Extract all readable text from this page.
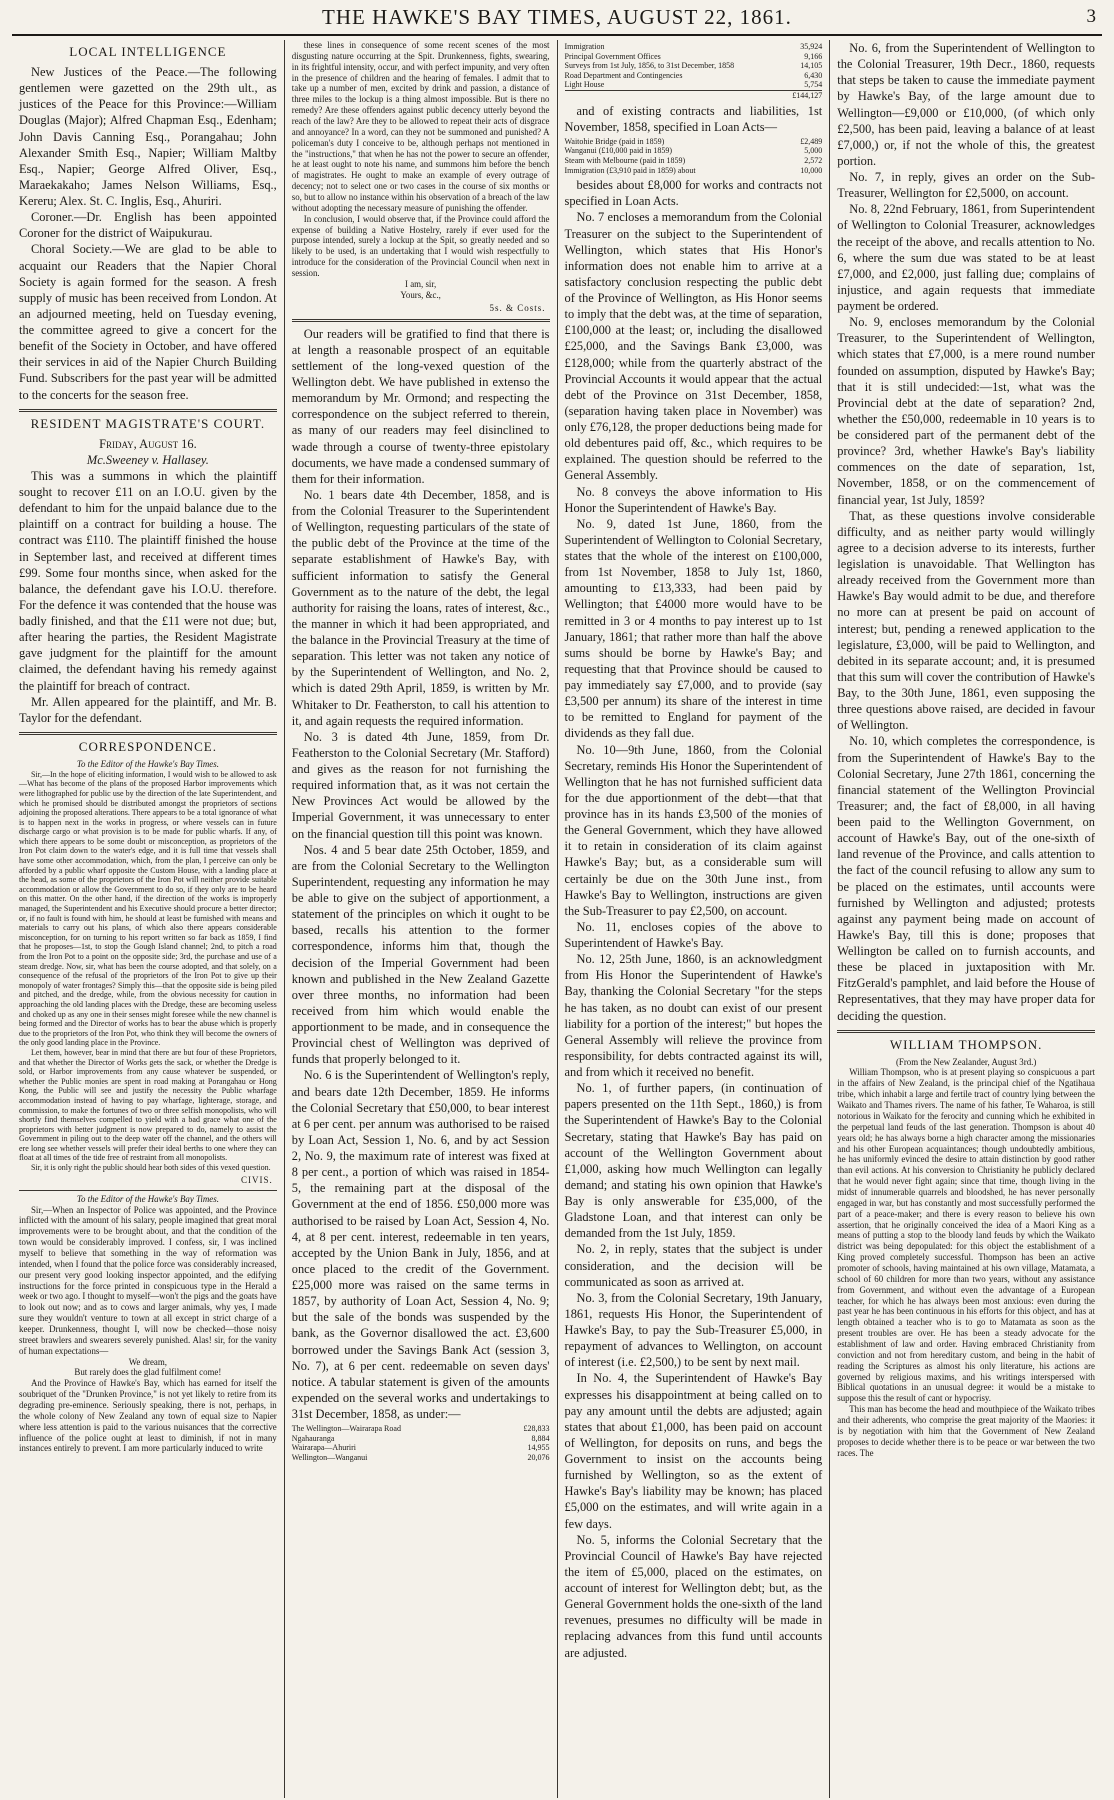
THE HAWKE'S BAY TIMES, AUGUST 22, 1861.	3
LOCAL INTELLIGENCE

New Justices of the Peace.—The following gentlemen were gazetted on the 29th ult., as justices of the Peace for this Province:—William Douglas (Major); Alfred Chapman Esq., Edenham; John Davis Canning Esq., Porangahau; John Alexander Smith Esq., Napier; William Maltby Esq., Napier; George Alfred Oliver, Esq., Maraekakaho; James Nelson Williams, Esq., Kereru; Alex. St. C. Inglis, Esq., Ahuriri.

Coroner.—Dr. English has been appointed Coroner for the district of Waipukurau.

Choral Society.—We are glad to be able to acquaint our Readers that the Napier Choral Society is again formed for the season. A fresh supply of music has been received from London. At an adjourned meeting, held on Tuesday evening, the committee agreed to give a concert for the benefit of the Society in October, and have offered their services in aid of the Napier Church Building Fund. Subscribers for the past year will be admitted to the concerts for the season free.

RESIDENT MAGISTRATE'S COURT.

Friday, August 16.

Mc.Sweeney v. Hallasey.

This was a summons in which the plaintiff sought to recover £11 on an I.O.U. given by the defendant to him for the unpaid balance due to the plaintiff on a contract for building a house. The contract was £110. The plaintiff finished the house in September last, and received at different times £99. Some four months since, when asked for the balance, the defendant gave his I.O.U. therefore. For the defence it was contended that the house was badly finished, and that the £11 were not due; but, after hearing the parties, the Resident Magistrate gave judgment for the plaintiff for the amount claimed, the defendant having his remedy against the plaintiff for breach of contract.

Mr. Allen appeared for the plaintiff, and Mr. B. Taylor for the defendant.

CORRESPONDENCE.

To the Editor of the Hawke's Bay Times.

Sir,—In the hope of eliciting information, I would wish to be allowed to ask—What has become of the plans of the proposed Harbor improvements which were lithographed for public use by the direction of the late Superintendent, and which he promised should be distributed amongst the proprietors of sections adjoining the proposed alterations. There appears to be a total ignorance of what is to happen next in the works in progress, or where vessels can in future discharge cargo or what provision is to be made for public wharfs. If any, of which there appears to be some doubt or misconception, as proprietors of the Iron Pot claim down to the water's edge, and it is full time that vessels shall have some other accommodation, which, from the plan, I perceive can only be afforded by a public wharf opposite the Custom House, with a landing place at the head, as some of the proprietors of the Iron Pot will neither provide suitable accommodation or allow the Government to do so, if they only are to be heard on this matter. On the other hand, if the direction of the works is improperly managed, the Superintendent and his Executive should procure a better director; or, if no fault is found with him, he should at least be furnished with means and materials to carry out his plans, of which also there appears considerable misconception, for on turning to his report written so far back as 1859, I find that he proposes—1st, to stop the Gough Island channel; 2nd, to pitch a road from the Iron Pot to a point on the opposite side; 3rd, the purchase and use of a steam dredge. Now, sir, what has been the course adopted, and that solely, on a consequence of the refusal of the proprietors of the Iron Pot to give up their monopoly of water frontages? Simply this—that the opposite side is being piled and pitched, and the dredge, while, from the obvious necessity for caution in approaching the old landing places with the Dredge, these are becoming useless and choked up as any one in their senses might foresee while the new channel is being formed and the Director of works has to bear the abuse which is properly due to the proprietors of the Iron Pot, who think they will become the owners of the only good landing place in the Province.

Let them, however, bear in mind that there are but four of these Proprietors, and that whether the Director of Works gets the sack, or whether the Dredge is sold, or Harbor improvements from any cause whatever be suspended, or whether the Public monies are spent in road making at Porangahau or Hong Kong, the Public will see and justify the necessity the Public wharfage accommodation instead of having to pay wharfage, lighterage, storage, and commission, to make the fortunes of two or three selfish monopolists, who will shortly find themselves compelled to yield with a bad grace what one of the proprietors with better judgment is now prepared to do, namely to assist the Government in piling out to the deep water off the channel, and the others will ere long see whether vessels will prefer their ideal berths to one where they can float at all times of the tide free of restraint from all monopolists.

Sir, it is only right the public should hear both sides of this vexed question.

CIVIS.

To the Editor of the Hawke's Bay Times.

Sir,—When an Inspector of Police was appointed, and the Province inflicted with the amount of his salary, people imagined that great moral improvements were to be brought about, and that the condition of the town would be considerably improved. I confess, sir, I was inclined myself to believe that something in the way of reformation was intended, when I found that the police force was considerably increased, our present very good looking inspector appointed, and the edifying instructions for the force printed in conspicuous type in the Herald a week or two ago. I thought to myself—won't the pigs and the goats have to look out now; and as to cows and larger animals, why yes, I made sure they wouldn't venture to town at all except in strict charge of a keeper. Drunkenness, thought I, will now be checked—those noisy street brawlers and swearers severely punished. Alas! sir, for the vanity of human expectations—

We dream,

But rarely does the glad fulfilment come!

And the Province of Hawke's Bay, which has earned for itself the soubriquet of the "Drunken Province," is not yet likely to retire from its degrading pre-eminence. Seriously speaking, there is not, perhaps, in the whole colony of New Zealand any town of equal size to Napier where less attention is paid to the various nuisances that the corrective influence of the police ought at least to diminish, if not in many instances entirely to prevent. I am more particularly induced to write

these lines in consequence of some recent scenes of the most disgusting nature occurring at the Spit. Drunkenness, fights, swearing, in its frightful intensity, occur, and with perfect impunity, and very often in the presence of children and the hearing of females. I admit that to take up a number of men, excited by drink and passion, a distance of three miles to the lockup is a thing almost impossible. But is there no remedy? Are these offenders against public decency utterly beyond the reach of the law? Are they to be allowed to repeat their acts of disgrace and annoyance? In a word, can they not be summoned and punished? A policeman's duty I conceive to be, although perhaps not mentioned in the "instructions," that when he has not the power to secure an offender, he at least ought to note his name, and summons him before the bench of magistrates. He ought to make an example of every outrage of decency; not to select one or two cases in the course of six months or so, but to allow no instance within his observation of a breach of the law without adopting the necessary measure of punishing the offender.

In conclusion, I would observe that, if the Province could afford the expense of building a Native Hostelry, rarely if ever used for the purpose intended, surely a lockup at the Spit, so greatly needed and so likely to be used, is an undertaking that I would wish respectfully to introduce for the consideration of the Provincial Council when next in session.

I am, sir,

Yours, &c.,

5s. & Costs.

Our readers will be gratified to find that there is at length a reasonable prospect of an equitable settlement of the long-vexed question of the Wellington debt. We have published in extenso the memorandum by Mr. Ormond; and respecting the correspondence on the subject referred to therein, as many of our readers may feel disinclined to wade through a course of twenty-three epistolary documents, we have made a condensed summary of them for their information.

No. 1 bears date 4th December, 1858, and is from the Colonial Treasurer to the Superintendent of Wellington, requesting particulars of the state of the public debt of the Province at the time of the separate establishment of Hawke's Bay, with sufficient information to satisfy the General Government as to the nature of the debt, the legal authority for raising the loans, rates of interest, &c., the manner in which it had been appropriated, and the balance in the Provincial Treasury at the time of separation. This letter was not taken any notice of by the Superintendent of Wellington, and No. 2, which is dated 29th April, 1859, is written by Mr. Whitaker to Dr. Featherston, to call his attention to it, and again requests the required information.

No. 3 is dated 4th June, 1859, from Dr. Featherston to the Colonial Secretary (Mr. Stafford) and gives as the reason for not furnishing the required information that, as it was not certain the New Provinces Act would be allowed by the Imperial Government, it was unnecessary to enter on the financial question till this point was known.

Nos. 4 and 5 bear date 25th October, 1859, and are from the Colonial Secretary to the Wellington Superintendent, requesting any information he may be able to give on the subject of apportionment, a statement of the principles on which it ought to be based, recalls his attention to the former correspondence, informs him that, though the decision of the Imperial Government had been known and published in the New Zealand Gazette over three months, no information had been received from him which would enable the apportionment to be made, and in consequence the Provincial chest of Wellington was deprived of funds that properly belonged to it.

No. 6 is the Superintendent of Wellington's reply, and bears date 12th December, 1859. He informs the Colonial Secretary that £50,000, to bear interest at 6 per cent. per annum was authorised to be raised by Loan Act, Session 1, No. 6, and by act Session 2, No. 9, the maximum rate of interest was fixed at 8 per cent., a portion of which was raised in 1854-5, the remaining part at the disposal of the Government at the end of 1856. £50,000 more was authorised to be raised by Loan Act, Session 4, No. 4, at 8 per cent. interest, redeemable in ten years, accepted by the Union Bank in July, 1856, and at once placed to the credit of the Government. £25,000 more was raised on the same terms in 1857, by authority of Loan Act, Session 4, No. 9; but the sale of the bonds was suspended by the bank, as the Governor disallowed the act. £3,600 borrowed under the Savings Bank Act (session 3, No. 7), at 6 per cent. redeemable on seven days' notice. A tabular statement is given of the amounts expended on the several works and undertakings to 31st December, 1858, as under:—

The Wellington—Wairarapa Road	£28,833
Ngahauranga	8,884
Wairarapa—Ahuriri	14,955
Wellington—Wanganui	20,076
Immigration	35,924
Principal Government Offices	9,166
Surveys from 1st July, 1856, to 31st December, 1858	14,105
Road Department and Contingencies	6,430
Light House	5,754
	£144,127

and of existing contracts and liabilities, 1st November, 1858, specified in Loan Acts—

Waitohie Bridge (paid in 1859)	£2,489
Wanganui (£10,000 paid in 1859)	5,000
Steam with Melbourne (paid in 1859)	2,572
Immigration (£3,910 paid in 1859) about	10,000

besides about £8,000 for works and contracts not specified in Loan Acts.

No. 7 encloses a memorandum from the Colonial Treasurer on the subject to the Superintendent of Wellington, which states that His Honor's information does not enable him to arrive at a satisfactory conclusion respecting the public debt of the Province of Wellington, as His Honor seems to imply that the debt was, at the time of separation, £100,000 at the least; or, including the disallowed £25,000, and the Savings Bank £3,000, was £128,000; while from the quarterly abstract of the Provincial Accounts it would appear that the actual debt of the Province on 31st December, 1858, (separation having taken place in November) was only £76,128, the proper deductions being made for old debentures paid off, &c., which requires to be explained. The question should be referred to the General Assembly.

No. 8 conveys the above information to His Honor the Superintendent of Hawke's Bay.

No. 9, dated 1st June, 1860, from the Superintendent of Wellington to Colonial Secretary, states that the whole of the interest on £100,000, from 1st November, 1858 to July 1st, 1860, amounting to £13,333, had been paid by Wellington; that £4000 more would have to be remitted in 3 or 4 months to pay interest up to 1st January, 1861; that rather more than half the above sums should be borne by Hawke's Bay; and requesting that that Province should be caused to pay immediately say £7,000, and to provide (say £3,500 per annum) its share of the interest in time to be remitted to England for payment of the dividends as they fall due.

No. 10—9th June, 1860, from the Colonial Secretary, reminds His Honor the Superintendent of Wellington that he has not furnished sufficient data for the due apportionment of the debt—that that province has in its hands £3,500 of the monies of the General Government, which they have allowed it to retain in consideration of its claim against Hawke's Bay; but, as a considerable sum will certainly be due on the 30th June inst., from Hawke's Bay to Wellington, instructions are given the Sub-Treasurer to pay £2,500, on account.

No. 11, encloses copies of the above to Superintendent of Hawke's Bay.

No. 12, 25th June, 1860, is an acknowledgment from His Honor the Superintendent of Hawke's Bay, thanking the Colonial Secretary "for the steps he has taken, as no doubt can exist of our present liability for a portion of the interest;" but hopes the General Assembly will relieve the province from responsibility, for debts contracted against its will, and from which it received no benefit.

No. 1, of further papers, (in continuation of papers presented on the 11th Sept., 1860,) is from the Superintendent of Hawke's Bay to the Colonial Secretary, stating that Hawke's Bay has paid on account of the Wellington Government about £1,000, asking how much Wellington can legally demand; and stating his own opinion that Hawke's Bay is only answerable for £35,000, of the Gladstone Loan, and that interest can only be demanded from the 1st July, 1859.

No. 2, in reply, states that the subject is under consideration, and the decision will be communicated as soon as arrived at.

No. 3, from the Colonial Secretary, 19th January, 1861, requests His Honor, the Superintendent of Hawke's Bay, to pay the Sub-Treasurer £5,000, in repayment of advances to Wellington, on account of interest (i.e. £2,500,) to be sent by next mail.

In No. 4, the Superintendent of Hawke's Bay expresses his disappointment at being called on to pay any amount until the debts are adjusted; again states that about £1,000, has been paid on account of Wellington, for deposits on runs, and begs the Government to insist on the accounts being furnished by Wellington, so as the extent of Hawke's Bay's liability may be known; has placed £5,000 on the estimates, and will write again in a few days.

No. 5, informs the Colonial Secretary that the Provincial Council of Hawke's Bay have rejected the item of £5,000, placed on the estimates, on account of interest for Wellington debt; but, as the General Government holds the one-sixth of the land revenues, presumes no difficulty will be made in replacing advances from this fund until accounts are adjusted.

No. 6, from the Superintendent of Wellington to the Colonial Treasurer, 19th Decr., 1860, requests that steps be taken to cause the immediate payment by Hawke's Bay, of the large amount due to Wellington—£9,000 or £10,000, (of which only £2,500, has been paid, leaving a balance of at least £7,000,) or, if not the whole of this, the greatest portion.

No. 7, in reply, gives an order on the Sub-Treasurer, Wellington for £2,5000, on account.

No. 8, 22nd February, 1861, from Superintendent of Wellington to Colonial Treasurer, acknowledges the receipt of the above, and recalls attention to No. 6, where the sum due was stated to be at least £7,000, and £2,000, just falling due; complains of injustice, and again requests that immediate payment be ordered.

No. 9, encloses memorandum by the Colonial Treasurer, to the Superintendent of Wellington, which states that £7,000, is a mere round number founded on assumption, disputed by Hawke's Bay; that it is still undecided:—1st, what was the Provincial debt at the date of separation? 2nd, whether the £50,000, redeemable in 10 years is to be considered part of the permanent debt of the province? 3rd, whether Hawke's Bay's liability commences on the date of separation, 1st, November, 1858, or on the commencement of financial year, 1st July, 1859?

That, as these questions involve considerable difficulty, and as neither party would willingly agree to a decision adverse to its interests, further legislation is unavoidable. That Wellington has already received from the Government more than Hawke's Bay would admit to be due, and therefore no more can at present be paid on account of interest; but, pending a renewed application to the legislature, £3,000, will be paid to Wellington, and debited in its separate account; and, it is presumed that this sum will cover the contribution of Hawke's Bay, to the 30th June, 1861, even supposing the three questions above raised, are decided in favour of Wellington.

No. 10, which completes the correspondence, is from the Superintendent of Hawke's Bay to the Colonial Secretary, June 27th 1861, concerning the financial statement of the Wellington Provincial Treasurer; and, the fact of £8,000, in all having been paid to the Wellington Government, on account of Hawke's Bay, out of the one-sixth of land revenue of the Province, and calls attention to the fact of the council refusing to allow any sum to be placed on the estimates, until accounts were furnished by Wellington and adjusted; protests against any payment being made on account of Hawke's Bay, till this is done; proposes that Wellington be called on to furnish accounts, and these be placed in juxtaposition with Mr. FitzGerald's pamphlet, and laid before the House of Representatives, that they may have proper data for deciding the question.

WILLIAM THOMPSON.

(From the New Zealander, August 3rd.)

William Thompson, who is at present playing so conspicuous a part in the affairs of New Zealand, is the principal chief of the Ngatihaua tribe, which inhabit a large and fertile tract of country lying between the Waikato and Thames rivers. The name of his father, Te Waharoa, is still notorious in Waikato for the ferocity and cunning which he exhibited in the perpetual land feuds of the last generation. Thompson is about 40 years old; he has always borne a high character among the missionaries and his other European acquaintances; though undoubtedly ambitious, he has uniformly evinced the desire to attain distinction by good rather than evil actions. At his conversion to Christianity he publicly declared that he would never fight again; since that time, though living in the midst of innumerable quarrels and bloodshed, he has never personally engaged in war, but has constantly and most successfully performed the part of a peace-maker; and there is every reason to believe his own assertion, that he originally conceived the idea of a Maori King as a means of putting a stop to the bloody land feuds by which the Waikato district was being depopulated: for this object the establishment of a King proved completely successful. Thompson has been an active promoter of schools, having maintained at his own village, Matamata, a school of 60 children for more than two years, without any assistance from Government, and without even the advantage of a European teacher, for which he has always been most anxious: even during the past year he has been continuous in his efforts for this object, and has at length obtained a teacher who is to go to Matamata as soon as the present troubles are over. He has been a steady advocate for the establishment of law and order. Having embraced Christianity from conviction and not from hereditary custom, and being in the habit of reading the Scriptures as almost his only literature, his actions are governed by religious maxims, and his writings interspersed with Biblical quotations in an unusual degree: it would be a mistake to suppose this the result of cant or hypocrisy.

This man has become the head and mouthpiece of the Waikato tribes and their adherents, who comprise the great majority of the Maories: it is by negotiation with him that the Government of New Zealand proposes to decide whether there is to be peace or war between the two races. The
